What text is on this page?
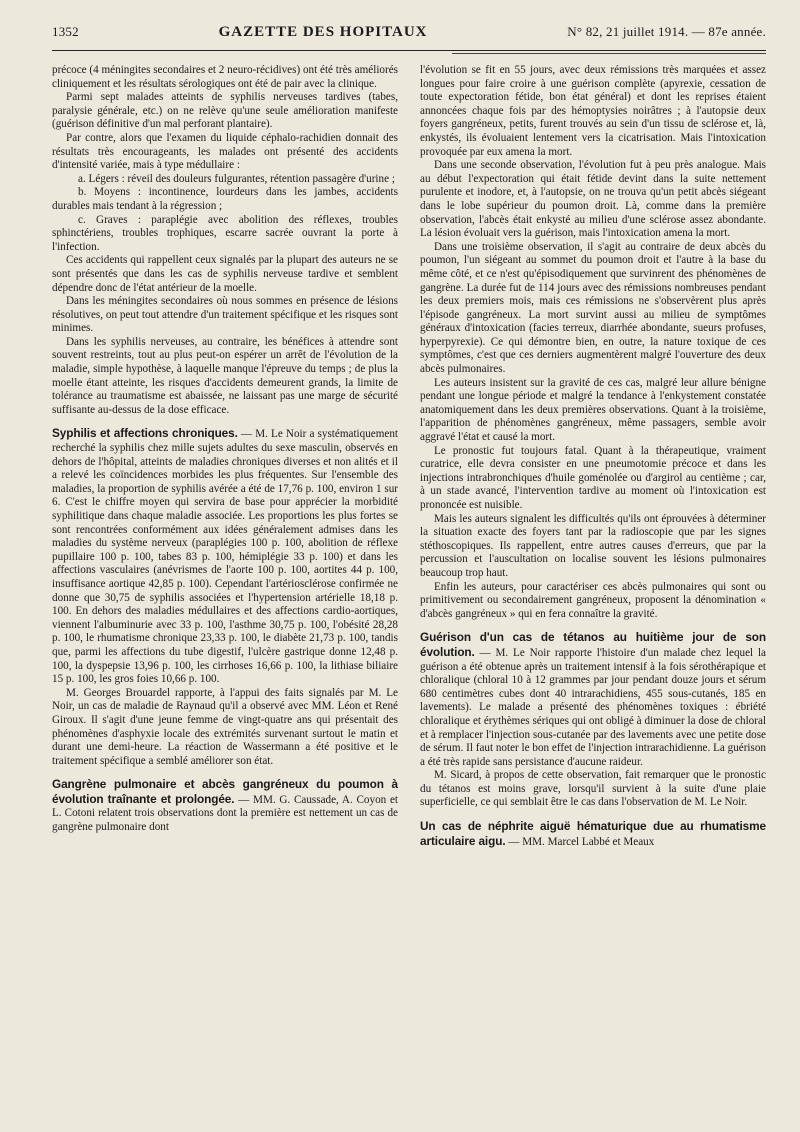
1352	GAZETTE DES HOPITAUX	N° 82, 21 juillet 1914. — 87e année.

précoce (4 méningites secondaires et 2 neuro-récidives) ont été très améliorés cliniquement et les résultats sérologiques ont été de pair avec la clinique.

Parmi sept malades atteints de syphilis nerveuses tardives (tabes, paralysie générale, etc.) on ne relève qu'une seule amélioration manifeste (guérison définitive d'un mal perforant plantaire).

Par contre, alors que l'examen du liquide céphalo-rachidien donnait des résultats très encourageants, les malades ont présenté des accidents d'intensité variée, mais à type médullaire :

a. Légers : réveil des douleurs fulgurantes, rétention passagère d'urine ;

b. Moyens : incontinence, lourdeurs dans les jambes, accidents durables mais tendant à la régression ;

c. Graves : paraplégie avec abolition des réflexes, troubles sphinctériens, troubles trophiques, escarre sacrée ouvrant la porte à l'infection.

Ces accidents qui rappellent ceux signalés par la plupart des auteurs ne se sont présentés que dans les cas de syphilis nerveuse tardive et semblent dépendre donc de l'état antérieur de la moelle.

Dans les méningites secondaires où nous sommes en présence de lésions résolutives, on peut tout attendre d'un traitement spécifique et les risques sont minimes.

Dans les syphilis nerveuses, au contraire, les bénéfices à attendre sont souvent restreints, tout au plus peut-on espérer un arrêt de l'évolution de la maladie, simple hypothèse, à laquelle manque l'épreuve du temps ; de plus la moelle étant atteinte, les risques d'accidents demeurent grands, la limite de tolérance au traumatisme est abaissée, ne laissant pas une marge de sécurité suffisante au-dessus de la dose efficace.

Syphilis et affections chroniques. — M. Le Noir a systématiquement recherché la syphilis chez mille sujets adultes du sexe masculin, observés en dehors de l'hôpital, atteints de maladies chroniques diverses et non alités et il a relevé les coïncidences morbides les plus fréquentes. Sur l'ensemble des maladies, la proportion de syphilis avérée a été de 17,76 p. 100, environ 1 sur 6. C'est le chiffre moyen qui servira de base pour apprécier la morbidité syphilitique dans chaque maladie associée. Les proportions les plus fortes se sont rencontrées conformément aux idées généralement admises dans les maladies du système nerveux (paraplégies 100 p. 100, abolition de réflexe pupillaire 100 p. 100, tabes 83 p. 100, hémiplégie 33 p. 100) et dans les affections vasculaires (anévrismes de l'aorte 100 p. 100, aortites 44 p. 100, insuffisance aortique 42,85 p. 100). Cependant l'artériosclérose confirmée ne donne que 30,75 de syphilis associées et l'hypertension artérielle 18,18 p. 100. En dehors des maladies médullaires et des affections cardio-aortiques, viennent l'albuminurie avec 33 p. 100, l'asthme 30,75 p. 100, l'obésité 28,28 p. 100, le rhumatisme chronique 23,33 p. 100, le diabète 21,73 p. 100, tandis que, parmi les affections du tube digestif, l'ulcère gastrique donne 12,48 p. 100, la dyspepsie 13,96 p. 100, les cirrhoses 16,66 p. 100, la lithiase biliaire 15 p. 100, les gros foies 10,66 p. 100.

M. Georges Brouardel rapporte, à l'appui des faits signalés par M. Le Noir, un cas de maladie de Raynaud qu'il a observé avec MM. Léon et René Giroux. Il s'agit d'une jeune femme de vingt-quatre ans qui présentait des phénomènes d'asphyxie locale des extrémités survenant surtout le matin et durant une demi-heure. La réaction de Wassermann a été positive et le traitement spécifique a semblé améliorer son état.

Gangrène pulmonaire et abcès gangréneux du poumon à évolution traînante et prolongée. — MM. G. Caussade, A. Coyon et L. Cotoni relatent trois observations dont la première est nettement un cas de gangrène pulmonaire dont

l'évolution se fit en 55 jours, avec deux rémissions très marquées et assez longues pour faire croire à une guérison complète (apyrexie, cessation de toute expectoration fétide, bon état général) et dont les reprises étaient annoncées chaque fois par des hémoptysies noirâtres ; à l'autopsie deux foyers gangréneux, petits, furent trouvés au sein d'un tissu de sclérose et, là, enkystés, ils évoluaient lentement vers la cicatrisation. Mais l'intoxication provoquée par eux amena la mort.

Dans une seconde observation, l'évolution fut à peu près analogue. Mais au début l'expectoration qui était fétide devint dans la suite nettement purulente et inodore, et, à l'autopsie, on ne trouva qu'un petit abcès siégeant dans le lobe supérieur du poumon droit. Là, comme dans la première observation, l'abcès était enkysté au milieu d'une sclérose assez abondante. La lésion évoluait vers la guérison, mais l'intoxication amena la mort.

Dans une troisième observation, il s'agit au contraire de deux abcès du poumon, l'un siégeant au sommet du poumon droit et l'autre à la base du même côté, et ce n'est qu'épisodiquement que survinrent des phénomènes de gangrène. La durée fut de 114 jours avec des rémissions nombreuses pendant les deux premiers mois, mais ces rémissions ne s'observèrent plus après l'épisode gangréneux. La mort survint aussi au milieu de symptômes généraux d'intoxication (facies terreux, diarrhée abondante, sueurs profuses, hyperpyrexie). Ce qui démontre bien, en outre, la nature toxique de ces symptômes, c'est que ces derniers augmentèrent malgré l'ouverture des deux abcès pulmonaires.

Les auteurs insistent sur la gravité de ces cas, malgré leur allure bénigne pendant une longue période et malgré la tendance à l'enkystement constatée anatomiquement dans les deux premières observations. Quant à la troisième, l'apparition de phénomènes gangréneux, même passagers, semble avoir aggravé l'état et causé la mort.

Le pronostic fut toujours fatal. Quant à la thérapeutique, vraiment curatrice, elle devra consister en une pneumotomie précoce et dans les injections intrabronchiques d'huile goménolée ou d'argirol au centième ; car, à un stade avancé, l'intervention tardive au moment où l'intoxication est prononcée est nuisible.

Mais les auteurs signalent les difficultés qu'ils ont éprouvées à déterminer la situation exacte des foyers tant par la radioscopie que par les signes stéthoscopiques. Ils rappellent, entre autres causes d'erreurs, que par la percussion et l'auscultation on localise souvent les lésions pulmonaires beaucoup trop haut.

Enfin les auteurs, pour caractériser ces abcès pulmonaires qui sont ou primitivement ou secondairement gangréneux, proposent la dénomination « d'abcès gangréneux » qui en fera connaître la gravité.

Guérison d'un cas de tétanos au huitième jour de son évolution. — M. Le Noir rapporte l'histoire d'un malade chez lequel la guérison a été obtenue après un traitement intensif à la fois sérothérapique et chloralique (chloral 10 à 12 grammes par jour pendant douze jours et sérum 680 centimètres cubes dont 40 intrarachidiens, 455 sous-cutanés, 185 en lavements). Le malade a présenté des phénomènes toxiques : ébriété chloralique et érythèmes sériques qui ont obligé à diminuer la dose de chloral et à remplacer l'injection sous-cutanée par des lavements avec une petite dose de sérum. Il faut noter le bon effet de l'injection intrarachidienne. La guérison a été très rapide sans persistance d'aucune raideur.

M. Sicard, à propos de cette observation, fait remarquer que le pronostic du tétanos est moins grave, lorsqu'il survient à la suite d'une plaie superficielle, ce qui semblait être le cas dans l'observation de M. Le Noir.

Un cas de néphrite aiguë hématurique due au rhumatisme articulaire aigu. — MM. Marcel Labbé et Meaux
